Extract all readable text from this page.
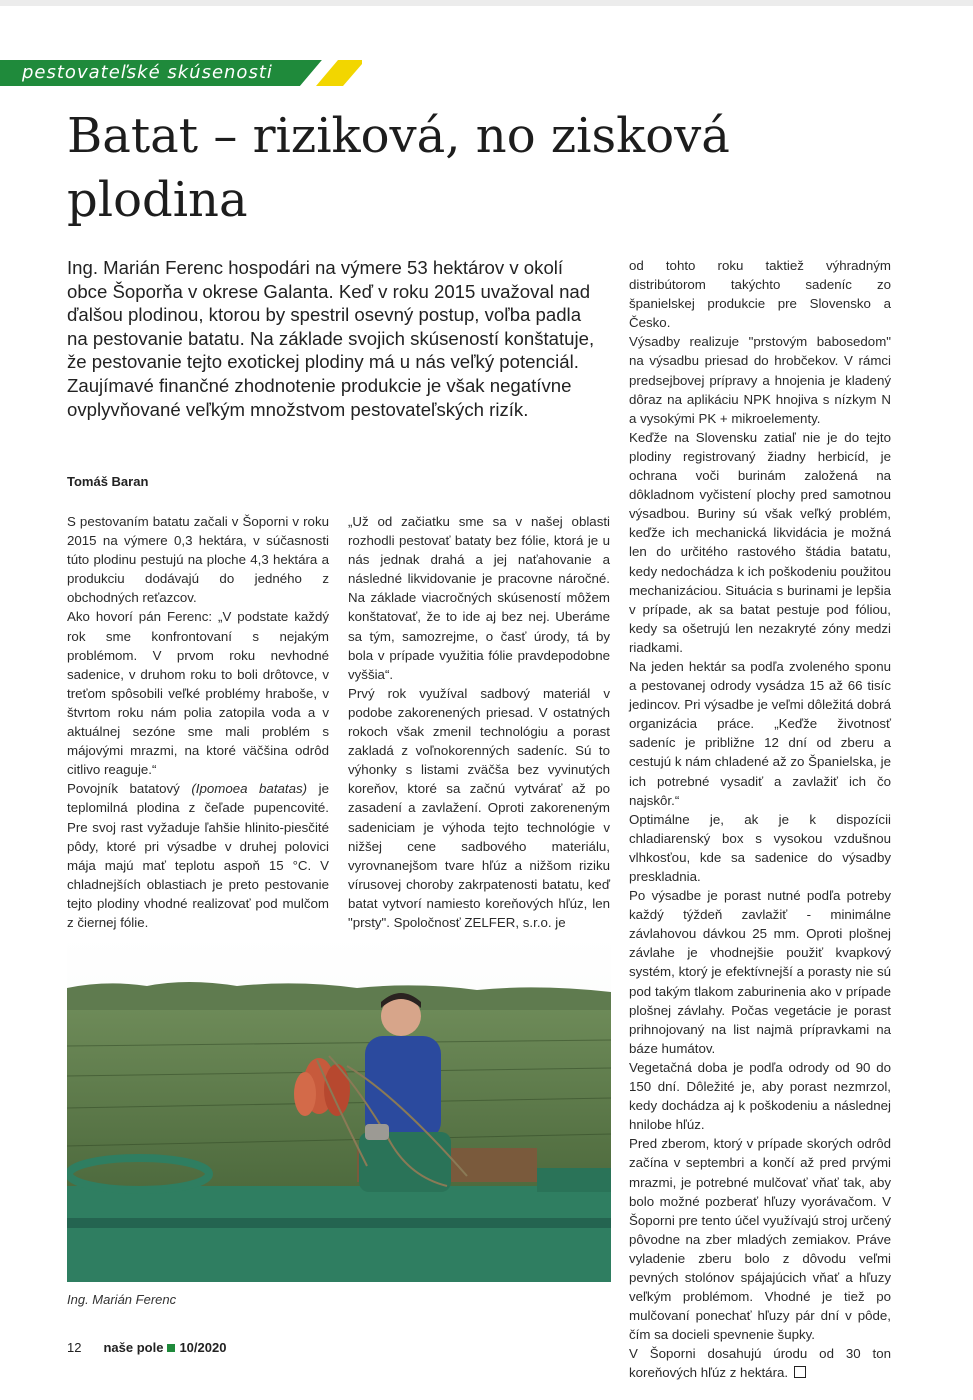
pestovateľské skúsenosti
Batat – riziková, no zisková plodina
Ing. Marián Ferenc hospodári na výmere 53 hektárov v okolí obce Šoporňa v okrese Galanta. Keď v roku 2015 uvažoval nad ďalšou plodinou, ktorou by spestril osevný postup, voľba padla na pestovanie batatu. Na základe svojich skúseností konštatuje, že pestovanie tejto exotickej plodiny má u nás veľký potenciál. Zaujímavé finančné zhodnotenie produkcie je však negatívne ovplyvňované veľkým množstvom pestovateľských rizík.
Tomáš Baran

S pestovaním batatu začali v Šoporni v roku 2015 na výmere 0,3 hektára, v súčasnosti túto plodinu pestujú na ploche 4,3 hektára a produkciu dodávajú do jedného z obchodných reťazcov.

Ako hovorí pán Ferenc: „V podstate každý rok sme konfrontovaní s nejakým problémom. V prvom roku nevhodné sadenice, v druhom roku to boli drôtovce, v treťom spôsobili veľké problémy hraboše, v štvrtom roku nám polia zatopila voda a v aktuálnej sezóne sme mali problém s májovými mrazmi, na ktoré väčšina odrôd citlivo reaguje.“

Povojník batatový (Ipomoea batatas) je teplomilná plodina z čeľade pupencovité. Pre svoj rast vyžaduje ľahšie hlinito-piesčité pôdy, ktoré pri výsadbe v druhej polovici mája majú mať teplotu aspoň 15 °C. V chladnejších oblastiach je preto pestovanie tejto plodiny vhodné realizovať pod mulčom z čiernej fólie.

„Už od začiatku sme sa v našej oblasti rozhodli pestovať bataty bez fólie, ktorá je u nás jednak drahá a jej naťahovanie a následné likvidovanie je pracovne náročné. Na základe viacročných skúseností môžem konštatovať, že to ide aj bez nej. Uberáme sa tým, samozrejme, o časť úrody, tá by bola v prípade využitia fólie pravdepodobne vyššia“.

Prvý rok využíval sadbový materiál v podobe zakorenených priesad. V ostatných rokoch však zmenil technológiu a porast zakladá z voľnokorenných sadeníc. Sú to výhonky s listami zväčša bez vyvinutých koreňov, ktoré sa začnú vytvárať až po zasadení a zavlažení. Oproti zakoreneným sadeniciam je výhoda tejto technológie v nižšej cene sadbového materiálu, vyrovnanejšom tvare hľúz a nižšom riziku vírusovej choroby zakrpatenosti batatu, keď batat vytvorí namiesto koreňových hľúz, len "prsty". Spoločnosť ZELFER, s.r.o. je

od tohto roku taktiež výhradným distribútorom takýchto sadeníc zo španielskej produkcie pre Slovensko a Česko.

Výsadby realizuje "prstovým babosedom" na výsadbu priesad do hrobčekov. V rámci predsejbovej prípravy a hnojenia je kladený dôraz na aplikáciu NPK hnojiva s nízkym N a vysokými PK + mikroelementy.

Keďže na Slovensku zatiaľ nie je do tejto plodiny registrovaný žiadny herbicíd, je ochrana voči burinám založená na dôkladnom vyčistení plochy pred samotnou výsadbou. Buriny sú však veľký problém, keďže ich mechanická likvidácia je možná len do určitého rastového štádia batatu, kedy nedochádza k ich poškodeniu použitou mechanizáciou. Situácia s burinami je lepšia v prípade, ak sa batat pestuje pod fóliou, kedy sa ošetrujú len nezakryté zóny medzi riadkami.

Na jeden hektár sa podľa zvoleného sponu a pestovanej odrody vysádza 15 až 66 tisíc jedincov. Pri výsadbe je veľmi dôležitá dobrá organizácia práce. „Keďže životnosť sadeníc je približne 12 dní od zberu a cestujú k nám chladené až zo Španielska, je ich potrebné vysadiť a zavlažiť ich čo najskôr.“

Optimálne je, ak je k dispozícii chladiarenský box s vysokou vzdušnou vlhkosťou, kde sa sadenice do výsadby preskladnia.

Po výsadbe je porast nutné podľa potreby každý týždeň zavlažiť - minimálne závlahovou dávkou 25 mm. Oproti plošnej závlahe je vhodnejšie použiť kvapkový systém, ktorý je efektívnejší a porasty nie sú pod takým tlakom zaburinenia ako v prípade plošnej závlahy. Počas vegetácie je porast prihnojovaný na list najmä prípravkami na báze humátov.

Vegetačná doba je podľa odrody od 90 do 150 dní. Dôležité je, aby porast nezmrzol, kedy dochádza aj k poškodeniu a následnej hnilobe hľúz.

Pred zberom, ktorý v prípade skorých odrôd začína v septembri a končí až pred prvými mrazmi, je potrebné mulčovať vňať tak, aby bolo možné pozberať hľuzy vyorávačom. V Šoporni pre tento účel využívajú stroj určený pôvodne na zber mladých zemiakov. Práve vyladenie zberu bolo z dôvodu veľmi pevných stolónov spájajúcich vňať a hľuzy veľkým problémom. Vhodné je tiež po mulčovaní ponechať hľuzy pár dní v pôde, čím sa docieli spevnenie šupky.

V Šoporni dosahujú úrodu od 30 ton koreňových hľúz z hektára.

Ing. Marián Ferenc
12 naše pole 10/2020
